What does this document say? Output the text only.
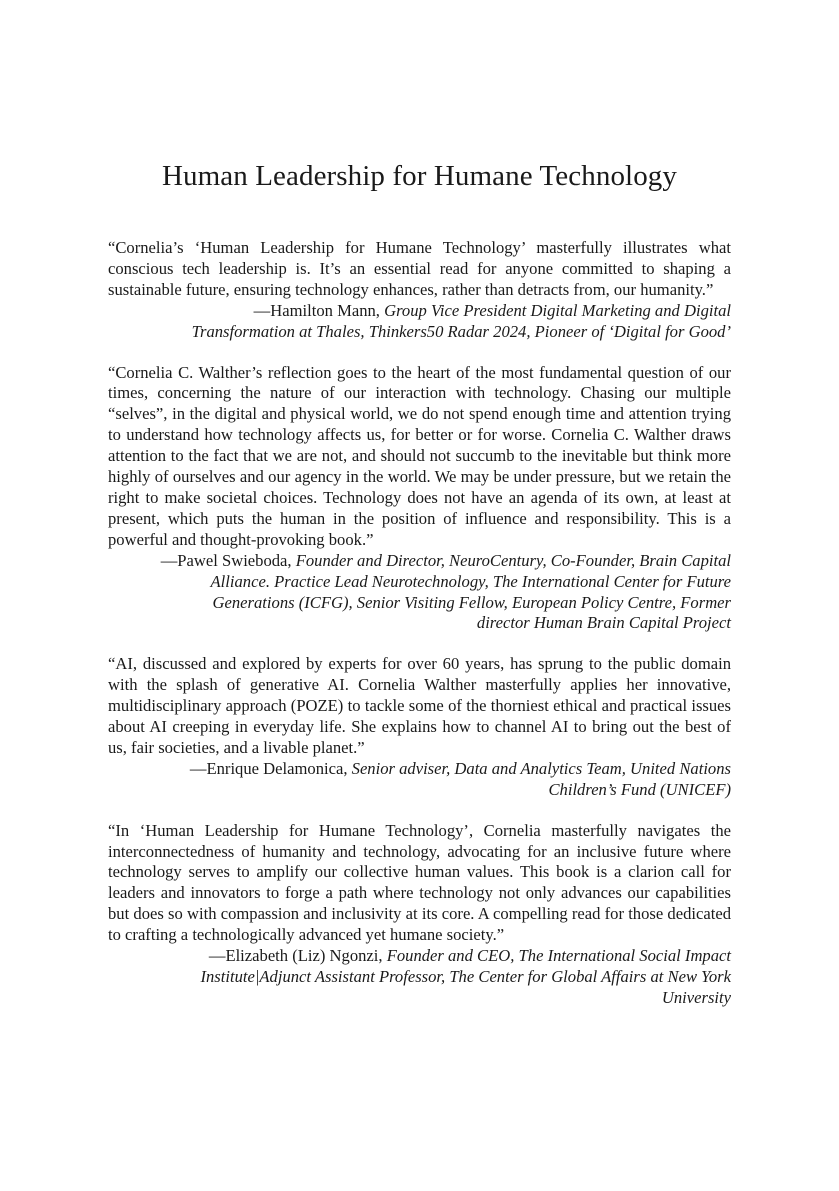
Human Leadership for Humane Technology

“Cornelia’s ‘Human Leadership for Humane Technology’ masterfully illustrates what conscious tech leadership is. It’s an essential read for anyone committed to shaping a sustainable future, ensuring technology enhances, rather than detracts from, our humanity.”

—Hamilton Mann, Group Vice President Digital Marketing and Digital Transformation at Thales, Thinkers50 Radar 2024, Pioneer of ‘Digital for Good’

“Cornelia C. Walther’s reflection goes to the heart of the most fundamental question of our times, concerning the nature of our interaction with technology. Chasing our multiple “selves”, in the digital and physical world, we do not spend enough time and attention trying to understand how technology affects us, for better or for worse. Cornelia C. Walther draws attention to the fact that we are not, and should not succumb to the inevitable but think more highly of ourselves and our agency in the world. We may be under pressure, but we retain the right to make societal choices. Technology does not have an agenda of its own, at least at present, which puts the human in the position of influence and responsibility. This is a powerful and thought-provoking book.”

—Pawel Swieboda, Founder and Director, NeuroCentury, Co-Founder, Brain Capital Alliance. Practice Lead Neurotechnology, The International Center for Future Generations (ICFG), Senior Visiting Fellow, European Policy Centre, Former director Human Brain Capital Project

“AI, discussed and explored by experts for over 60 years, has sprung to the public domain with the splash of generative AI. Cornelia Walther masterfully applies her innovative, multidisciplinary approach (POZE) to tackle some of the thorniest ethical and practical issues about AI creeping in everyday life. She explains how to channel AI to bring out the best of us, fair societies, and a livable planet.”

—Enrique Delamonica, Senior adviser, Data and Analytics Team, United Nations Children’s Fund (UNICEF)

“In ‘Human Leadership for Humane Technology’, Cornelia masterfully navigates the interconnectedness of humanity and technology, advocating for an inclusive future where technology serves to amplify our collective human values. This book is a clarion call for leaders and innovators to forge a path where technology not only advances our capabilities but does so with compassion and inclusivity at its core. A compelling read for those dedicated to crafting a technologically advanced yet humane society.”

—Elizabeth (Liz) Ngonzi, Founder and CEO, The International Social Impact Institute|Adjunct Assistant Professor, The Center for Global Affairs at New York University
